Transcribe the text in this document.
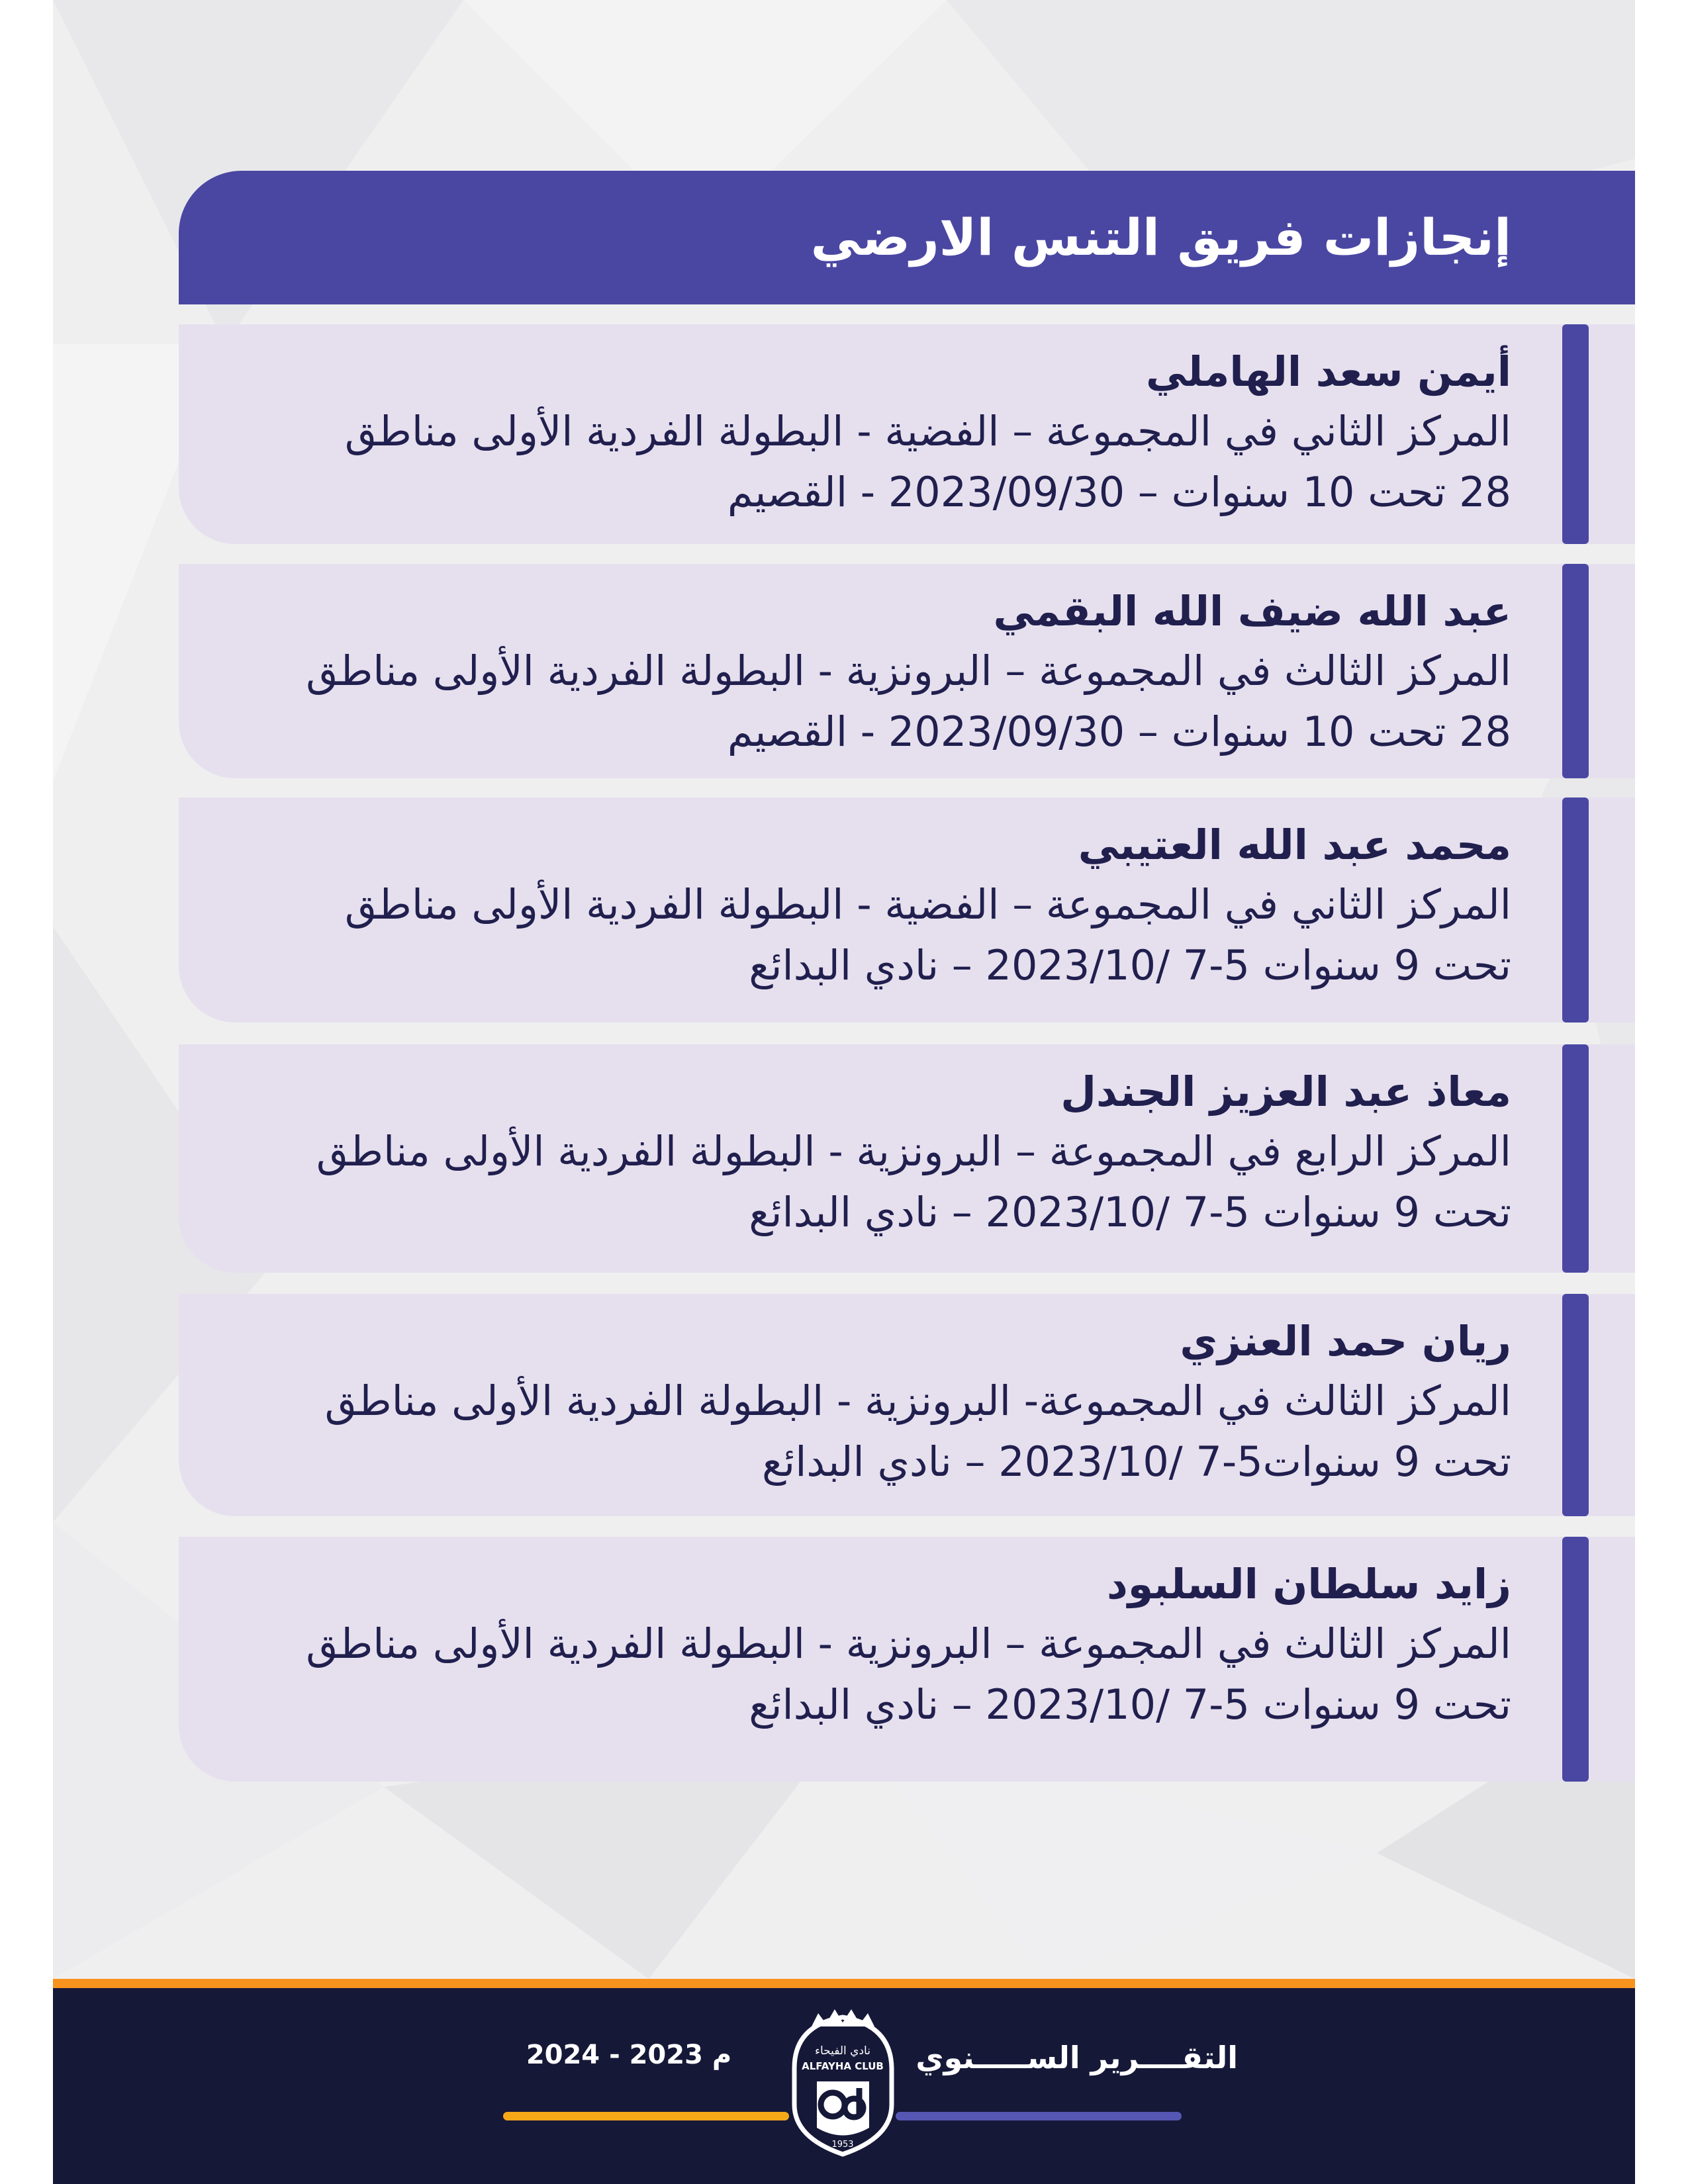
إنجازات فريق التنس الارضي
أيمن سعد الهاملي
المركز الثاني في المجموعة – الفضية - البطولة الفردية الأولى مناطق
28 تحت 10 سنوات – 2023/09/30 - القصيم
عبد الله ضيف الله البقمي
المركز الثالث في المجموعة – البرونزية - البطولة الفردية الأولى مناطق
28 تحت 10 سنوات – 2023/09/30 - القصيم
محمد عبد الله العتيبي
المركز الثاني في المجموعة – الفضية - البطولة الفردية الأولى مناطق
تحت 9 سنوات 5-7 /2023/10 – نادي البدائع
معاذ عبد العزيز الجندل
المركز الرابع في المجموعة – البرونزية - البطولة الفردية الأولى مناطق
تحت 9 سنوات 5-7 /2023/10 – نادي البدائع
ريان حمد العنزي
المركز الثالث في المجموعة- البرونزية - البطولة الفردية الأولى مناطق
تحت 9 سنوات5-7 /2023/10 – نادي البدائع
زايد سلطان السلبود
المركز الثالث في المجموعة – البرونزية - البطولة الفردية الأولى مناطق
تحت 9 سنوات 5-7 /2023/10 – نادي البدائع
2024 - 2023 م	التقــــرير الســـــنوي
نادي الفيحاء
ALFAYHA CLUB
1953
